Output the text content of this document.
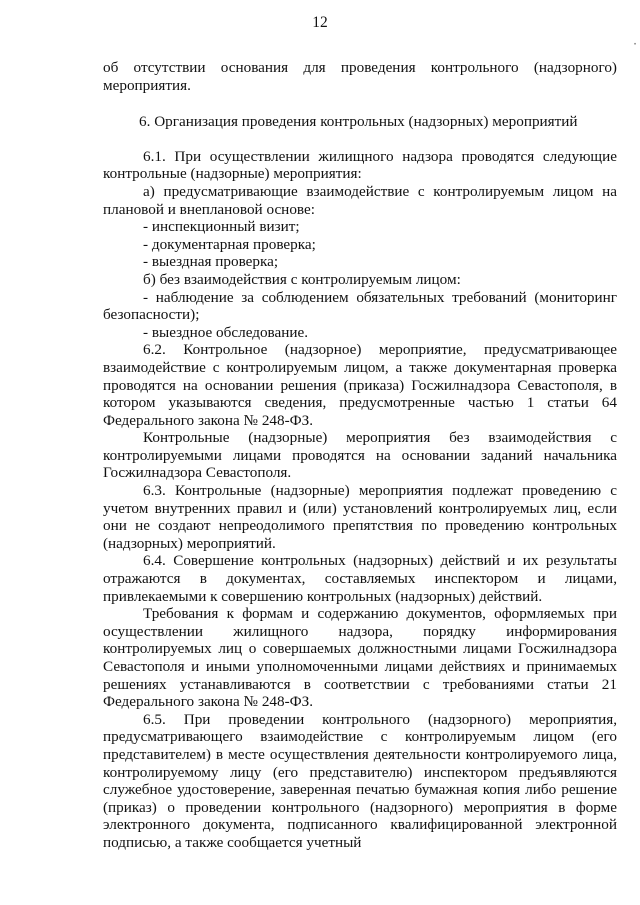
12
·

об отсутствии основания для проведения контрольного (надзорного) мероприятия.

6. Организация проведения контрольных (надзорных) мероприятий

6.1. При осуществлении жилищного надзора проводятся следующие контрольные (надзорные) мероприятия:

а) предусматривающие взаимодействие с контролируемым лицом на плановой и внеплановой основе:

- инспекционный визит;

- документарная проверка;

- выездная проверка;

б) без взаимодействия с контролируемым лицом:

- наблюдение за соблюдением обязательных требований (мониторинг безопасности);

- выездное обследование.

6.2. Контрольное (надзорное) мероприятие, предусматривающее взаимодействие с контролируемым лицом, а также документарная проверка проводятся на основании решения (приказа) Госжилнадзора Севастополя, в котором указываются сведения, предусмотренные частью 1 статьи 64 Федерального закона № 248-ФЗ.

Контрольные (надзорные) мероприятия без взаимодействия с контролируемыми лицами проводятся на основании заданий начальника Госжилнадзора Севастополя.

6.3. Контрольные (надзорные) мероприятия подлежат проведению с учетом внутренних правил и (или) установлений контролируемых лиц, если они не создают непреодолимого препятствия по проведению контрольных (надзорных) мероприятий.

6.4. Совершение контрольных (надзорных) действий и их результаты отражаются в документах, составляемых инспектором и лицами, привлекаемыми к совершению контрольных (надзорных) действий.

Требования к формам и содержанию документов, оформляемых при осуществлении жилищного надзора, порядку информирования контролируемых лиц о совершаемых должностными лицами Госжилнадзора Севастополя и иными уполномоченными лицами действиях и принимаемых решениях устанавливаются в соответствии с требованиями статьи 21 Федерального закона № 248-ФЗ.

6.5. При проведении контрольного (надзорного) мероприятия, предусматривающего взаимодействие с контролируемым лицом (его представителем) в месте осуществления деятельности контролируемого лица, контролируемому лицу (его представителю) инспектором предъявляются служебное удостоверение, заверенная печатью бумажная копия либо решение (приказ) о проведении контрольного (надзорного) мероприятия в форме электронного документа, подписанного квалифицированной электронной подписью, а также сообщается учетный
